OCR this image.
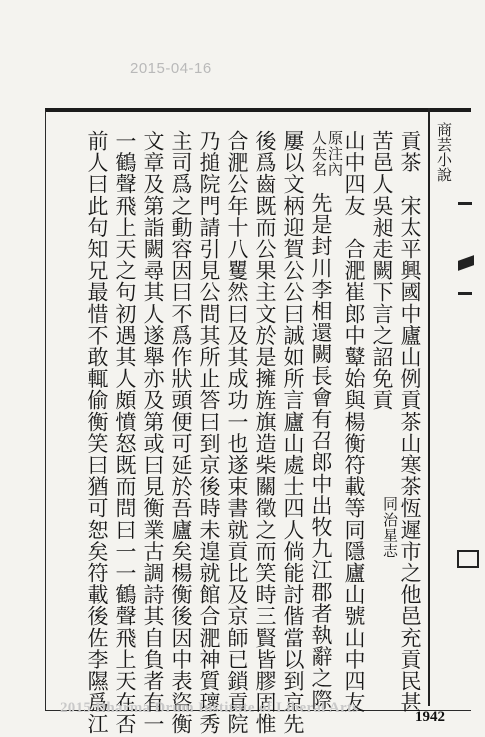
2015-04-16
商芸小說
貢茶　宋太平興國中廬山例貢茶山寒茶恆遲市之他邑充貢民甚
苦邑人吳昶走闕下言之詔免貢
同治星志
山中四友　合淝崔郎中鼙始與楊衡符載等同隱廬山號山中四友
原注內
人失名
先是封川李相還闕長會有召郎中出牧九江郡者執辭之際
屢以文柄迎賀公公曰誠如所言廬山處士四人倘能討偕當以到京先
後爲齒既而公果主文於是擁旌旗造柴關徵之而笑時三賢皆膠固惟
合淝公年十八矍然曰及其成功一也遂束書就貢比及京師已鎖貢院
乃搥院門請引見公問其所止答曰到京後時未遑就館合淝神質瓌秀
主司爲之動容因曰不爲作狀頭便可延於吾廬矣楊衡後因中表盜衡
文章及第詣闕尋其人遂舉亦及第或曰見衡業古調詩其自負者有一
一鶴聲飛上天之句初遇其人頗憤怒既而問曰一一鶴聲飛上天在否
前人曰此句知兄最惜不敢輒偷衡笑曰猶可恕矣符載後佐李隰爲江
2015 Dharma Drum Institute of Liberal Arts
1942
